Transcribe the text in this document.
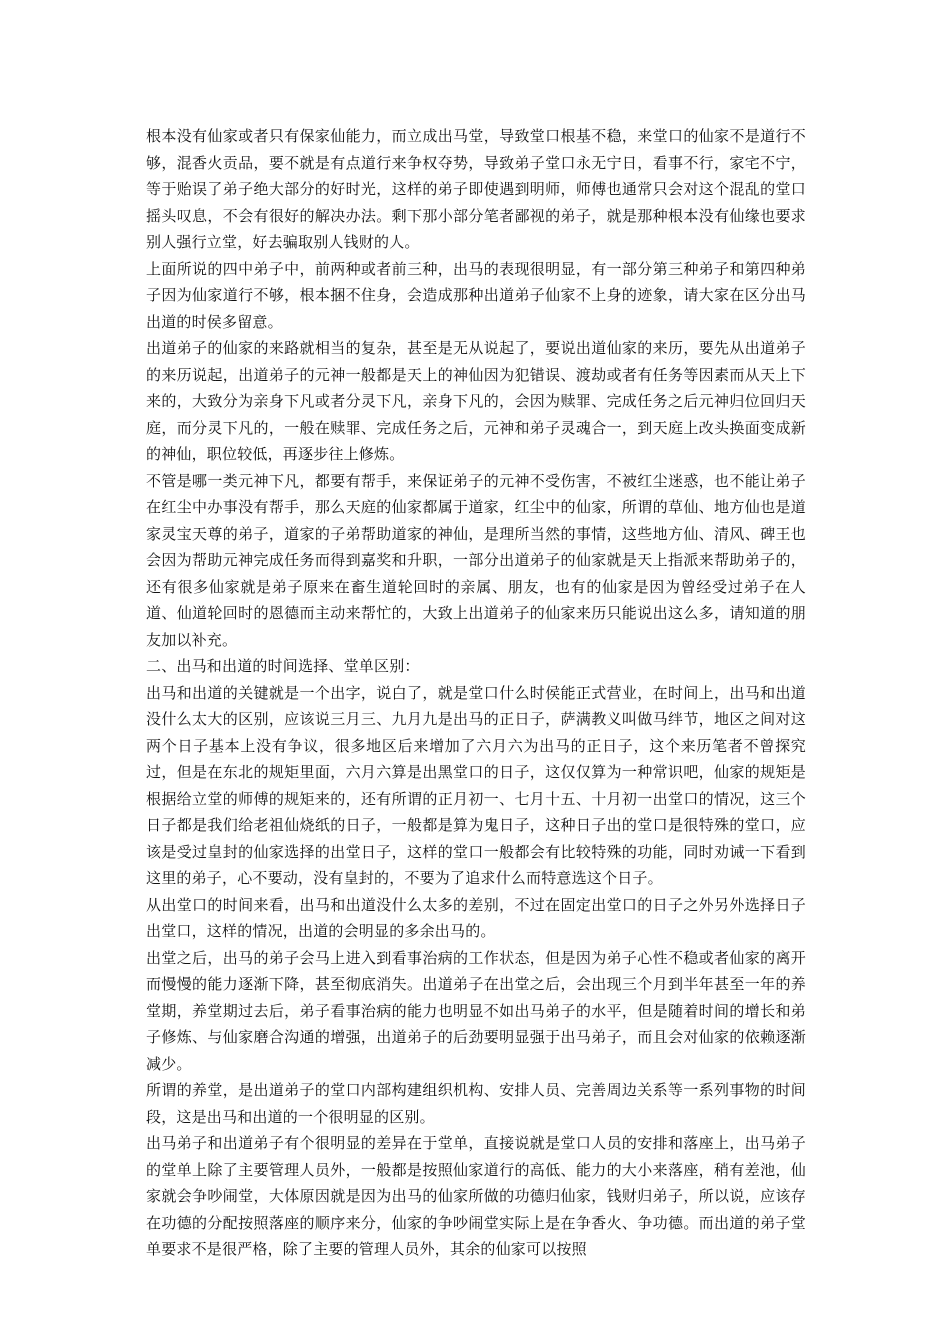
根本没有仙家或者只有保家仙能力，而立成出马堂，导致堂口根基不稳，来堂口的仙家不是道行不够，混香火贡品，要不就是有点道行来争权夺势，导致弟子堂口永无宁日，看事不行，家宅不宁，等于贻误了弟子绝大部分的好时光，这样的弟子即使遇到明师，师傅也通常只会对这个混乱的堂口摇头叹息，不会有很好的解决办法。剩下那小部分笔者鄙视的弟子，就是那种根本没有仙缘也要求别人强行立堂，好去骗取别人钱财的人。

上面所说的四中弟子中，前两种或者前三种，出马的表现很明显，有一部分第三种弟子和第四种弟子因为仙家道行不够，根本捆不住身，会造成那种出道弟子仙家不上身的迹象，请大家在区分出马出道的时侯多留意。

出道弟子的仙家的来路就相当的复杂，甚至是无从说起了，要说出道仙家的来历，要先从出道弟子的来历说起，出道弟子的元神一般都是天上的神仙因为犯错误、渡劫或者有任务等因素而从天上下来的，大致分为亲身下凡或者分灵下凡，亲身下凡的，会因为赎罪、完成任务之后元神归位回归天庭，而分灵下凡的，一般在赎罪、完成任务之后，元神和弟子灵魂合一，到天庭上改头换面变成新的神仙，职位较低，再逐步往上修炼。

不管是哪一类元神下凡，都要有帮手，来保证弟子的元神不受伤害，不被红尘迷惑，也不能让弟子在红尘中办事没有帮手，那么天庭的仙家都属于道家，红尘中的仙家，所谓的草仙、地方仙也是道家灵宝天尊的弟子，道家的子弟帮助道家的神仙，是理所当然的事情，这些地方仙、清风、碑王也会因为帮助元神完成任务而得到嘉奖和升职，一部分出道弟子的仙家就是天上指派来帮助弟子的，还有很多仙家就是弟子原来在畜生道轮回时的亲属、朋友，也有的仙家是因为曾经受过弟子在人道、仙道轮回时的恩德而主动来帮忙的，大致上出道弟子的仙家来历只能说出这么多，请知道的朋友加以补充。

二、出马和出道的时间选择、堂单区别：

出马和出道的关键就是一个出字，说白了，就是堂口什么时侯能正式营业，在时间上，出马和出道没什么太大的区别，应该说三月三、九月九是出马的正日子，萨满教义叫做马绊节，地区之间对这两个日子基本上没有争议，很多地区后来增加了六月六为出马的正日子，这个来历笔者不曾探究过，但是在东北的规矩里面，六月六算是出黑堂口的日子，这仅仅算为一种常识吧，仙家的规矩是根据给立堂的师傅的规矩来的，还有所谓的正月初一、七月十五、十月初一出堂口的情况，这三个日子都是我们给老祖仙烧纸的日子，一般都是算为鬼日子，这种日子出的堂口是很特殊的堂口，应该是受过皇封的仙家选择的出堂日子，这样的堂口一般都会有比较特殊的功能，同时劝诫一下看到这里的弟子，心不要动，没有皇封的，不要为了追求什么而特意选这个日子。

从出堂口的时间来看，出马和出道没什么太多的差别，不过在固定出堂口的日子之外另外选择日子出堂口，这样的情况，出道的会明显的多余出马的。

出堂之后，出马的弟子会马上进入到看事治病的工作状态，但是因为弟子心性不稳或者仙家的离开而慢慢的能力逐渐下降，甚至彻底消失。出道弟子在出堂之后，会出现三个月到半年甚至一年的养堂期，养堂期过去后，弟子看事治病的能力也明显不如出马弟子的水平，但是随着时间的增长和弟子修炼、与仙家磨合沟通的增强，出道弟子的后劲要明显强于出马弟子，而且会对仙家的依赖逐渐减少。

所谓的养堂，是出道弟子的堂口内部构建组织机构、安排人员、完善周边关系等一系列事物的时间段，这是出马和出道的一个很明显的区别。

出马弟子和出道弟子有个很明显的差异在于堂单，直接说就是堂口人员的安排和落座上，出马弟子的堂单上除了主要管理人员外，一般都是按照仙家道行的高低、能力的大小来落座，稍有差池，仙家就会争吵闹堂，大体原因就是因为出马的仙家所做的功德归仙家，钱财归弟子，所以说，应该存在功德的分配按照落座的顺序来分，仙家的争吵闹堂实际上是在争香火、争功德。而出道的弟子堂单要求不是很严格，除了主要的管理人员外，其余的仙家可以按照
